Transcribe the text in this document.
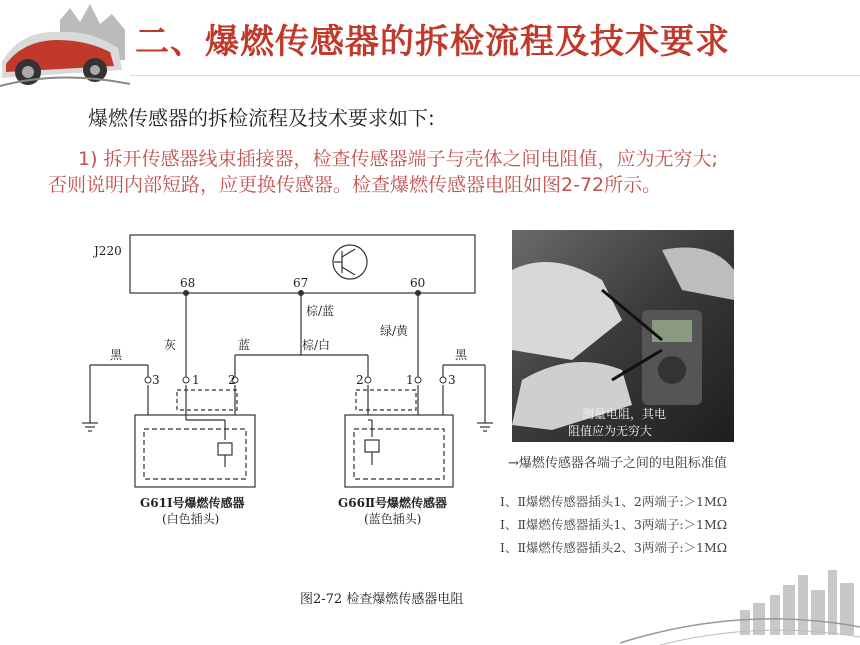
二、爆燃传感器的拆检流程及技术要求
爆燃传感器的拆检流程及技术要求如下:
1) 拆开传感器线束插接器，检查传感器端子与壳体之间电阻值，应为无穷大;
否则说明内部短路，应更换传感器。检查爆燃传感器电阻如图2-72所示。
J220
68	67	60
棕/蓝
棕/白
灰	蓝
绿/黄
黑	黑
3	1 2	2	1	3
G61Ⅰ号爆燃传感器
(白色插头)
G66Ⅱ号爆燃传感器
(蓝色插头)
测量电阻，其电
阻值应为无穷大
→爆燃传感器各端子之间的电阻标准值
Ⅰ、Ⅱ爆燃传感器插头1、2两端子:＞1MΩ
Ⅰ、Ⅱ爆燃传感器插头1、3两端子:＞1MΩ
Ⅰ、Ⅱ爆燃传感器插头2、3两端子:＞1MΩ
图2-72 检查爆燃传感器电阻
